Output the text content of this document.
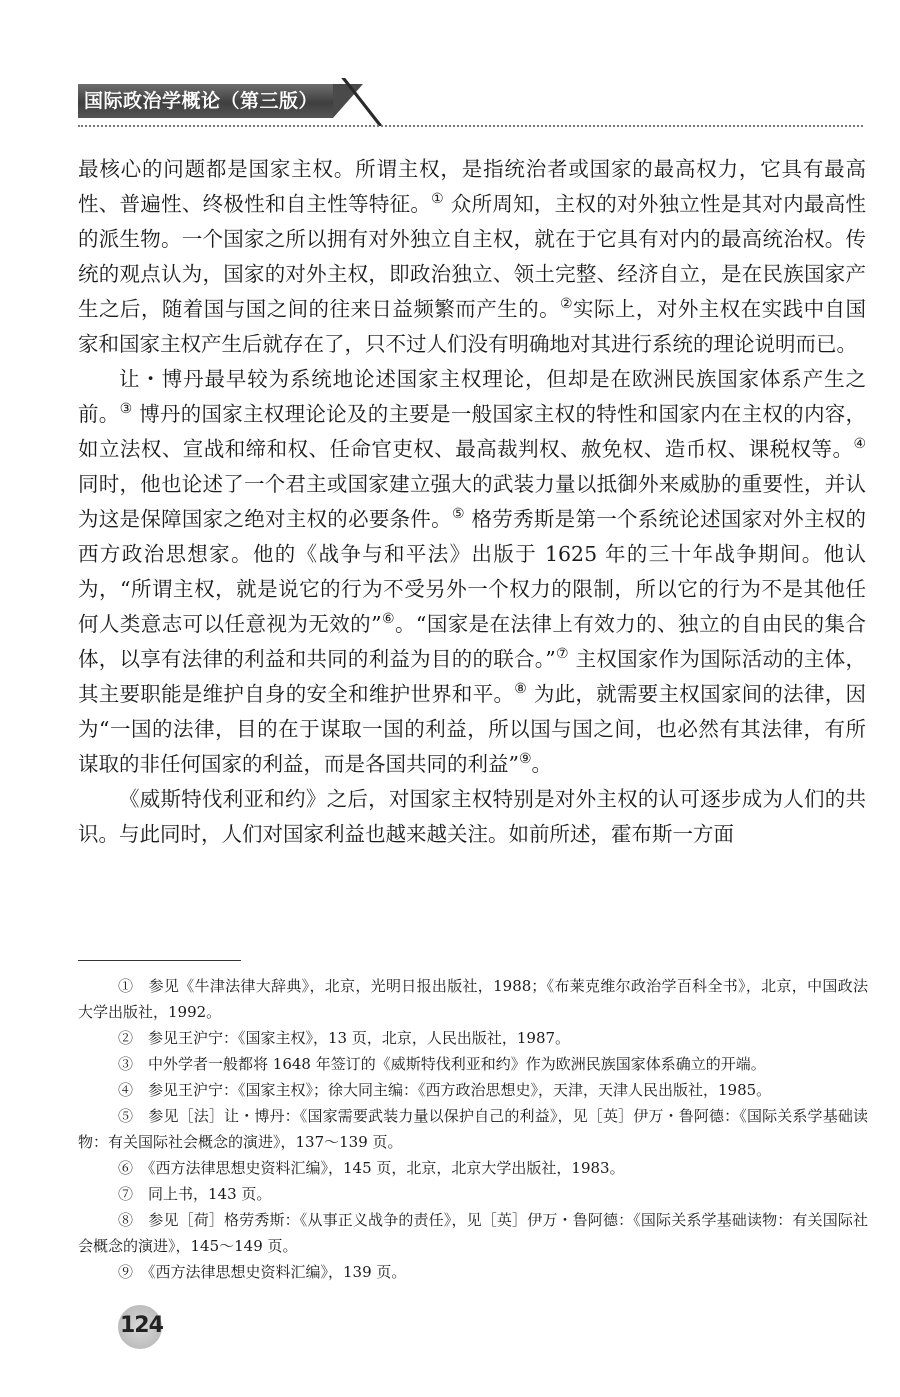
国际政治学概论（第三版）

最核心的问题都是国家主权。所谓主权，是指统治者或国家的最高权力，它具有最高性、普遍性、终极性和自主性等特征。① 众所周知，主权的对外独立性是其对内最高性的派生物。一个国家之所以拥有对外独立自主权，就在于它具有对内的最高统治权。传统的观点认为，国家的对外主权，即政治独立、领土完整、经济自立，是在民族国家产生之后，随着国与国之间的往来日益频繁而产生的。②实际上，对外主权在实践中自国家和国家主权产生后就存在了，只不过人们没有明确地对其进行系统的理论说明而已。

让・博丹最早较为系统地论述国家主权理论，但却是在欧洲民族国家体系产生之前。③ 博丹的国家主权理论论及的主要是一般国家主权的特性和国家内在主权的内容，如立法权、宣战和缔和权、任命官吏权、最高裁判权、赦免权、造币权、课税权等。④ 同时，他也论述了一个君主或国家建立强大的武装力量以抵御外来威胁的重要性，并认为这是保障国家之绝对主权的必要条件。⑤ 格劳秀斯是第一个系统论述国家对外主权的西方政治思想家。他的《战争与和平法》出版于 1625 年的三十年战争期间。他认为，“所谓主权，就是说它的行为不受另外一个权力的限制，所以它的行为不是其他任何人类意志可以任意视为无效的”⑥。“国家是在法律上有效力的、独立的自由民的集合体，以享有法律的利益和共同的利益为目的的联合。”⑦ 主权国家作为国际活动的主体，其主要职能是维护自身的安全和维护世界和平。⑧ 为此，就需要主权国家间的法律，因为“一国的法律，目的在于谋取一国的利益，所以国与国之间，也必然有其法律，有所谋取的非任何国家的利益，而是各国共同的利益”⑨。

《威斯特伐利亚和约》之后，对国家主权特别是对外主权的认可逐步成为人们的共识。与此同时，人们对国家利益也越来越关注。如前所述，霍布斯一方面

①　参见《牛津法律大辞典》，北京，光明日报出版社，1988；《布莱克维尔政治学百科全书》，北京，中国政法大学出版社，1992。

②　参见王沪宁：《国家主权》，13 页，北京，人民出版社，1987。

③　中外学者一般都将 1648 年签订的《威斯特伐利亚和约》作为欧洲民族国家体系确立的开端。

④　参见王沪宁：《国家主权》；徐大同主编：《西方政治思想史》，天津，天津人民出版社，1985。

⑤　参见［法］让・博丹：《国家需要武装力量以保护自己的利益》，见［英］伊万・鲁阿德：《国际关系学基础读物：有关国际社会概念的演进》，137～139 页。

⑥　《西方法律思想史资料汇编》，145 页，北京，北京大学出版社，1983。

⑦　同上书，143 页。

⑧　参见［荷］格劳秀斯：《从事正义战争的责任》，见［英］伊万・鲁阿德：《国际关系学基础读物：有关国际社会概念的演进》，145～149 页。

⑨　《西方法律思想史资料汇编》，139 页。

124
